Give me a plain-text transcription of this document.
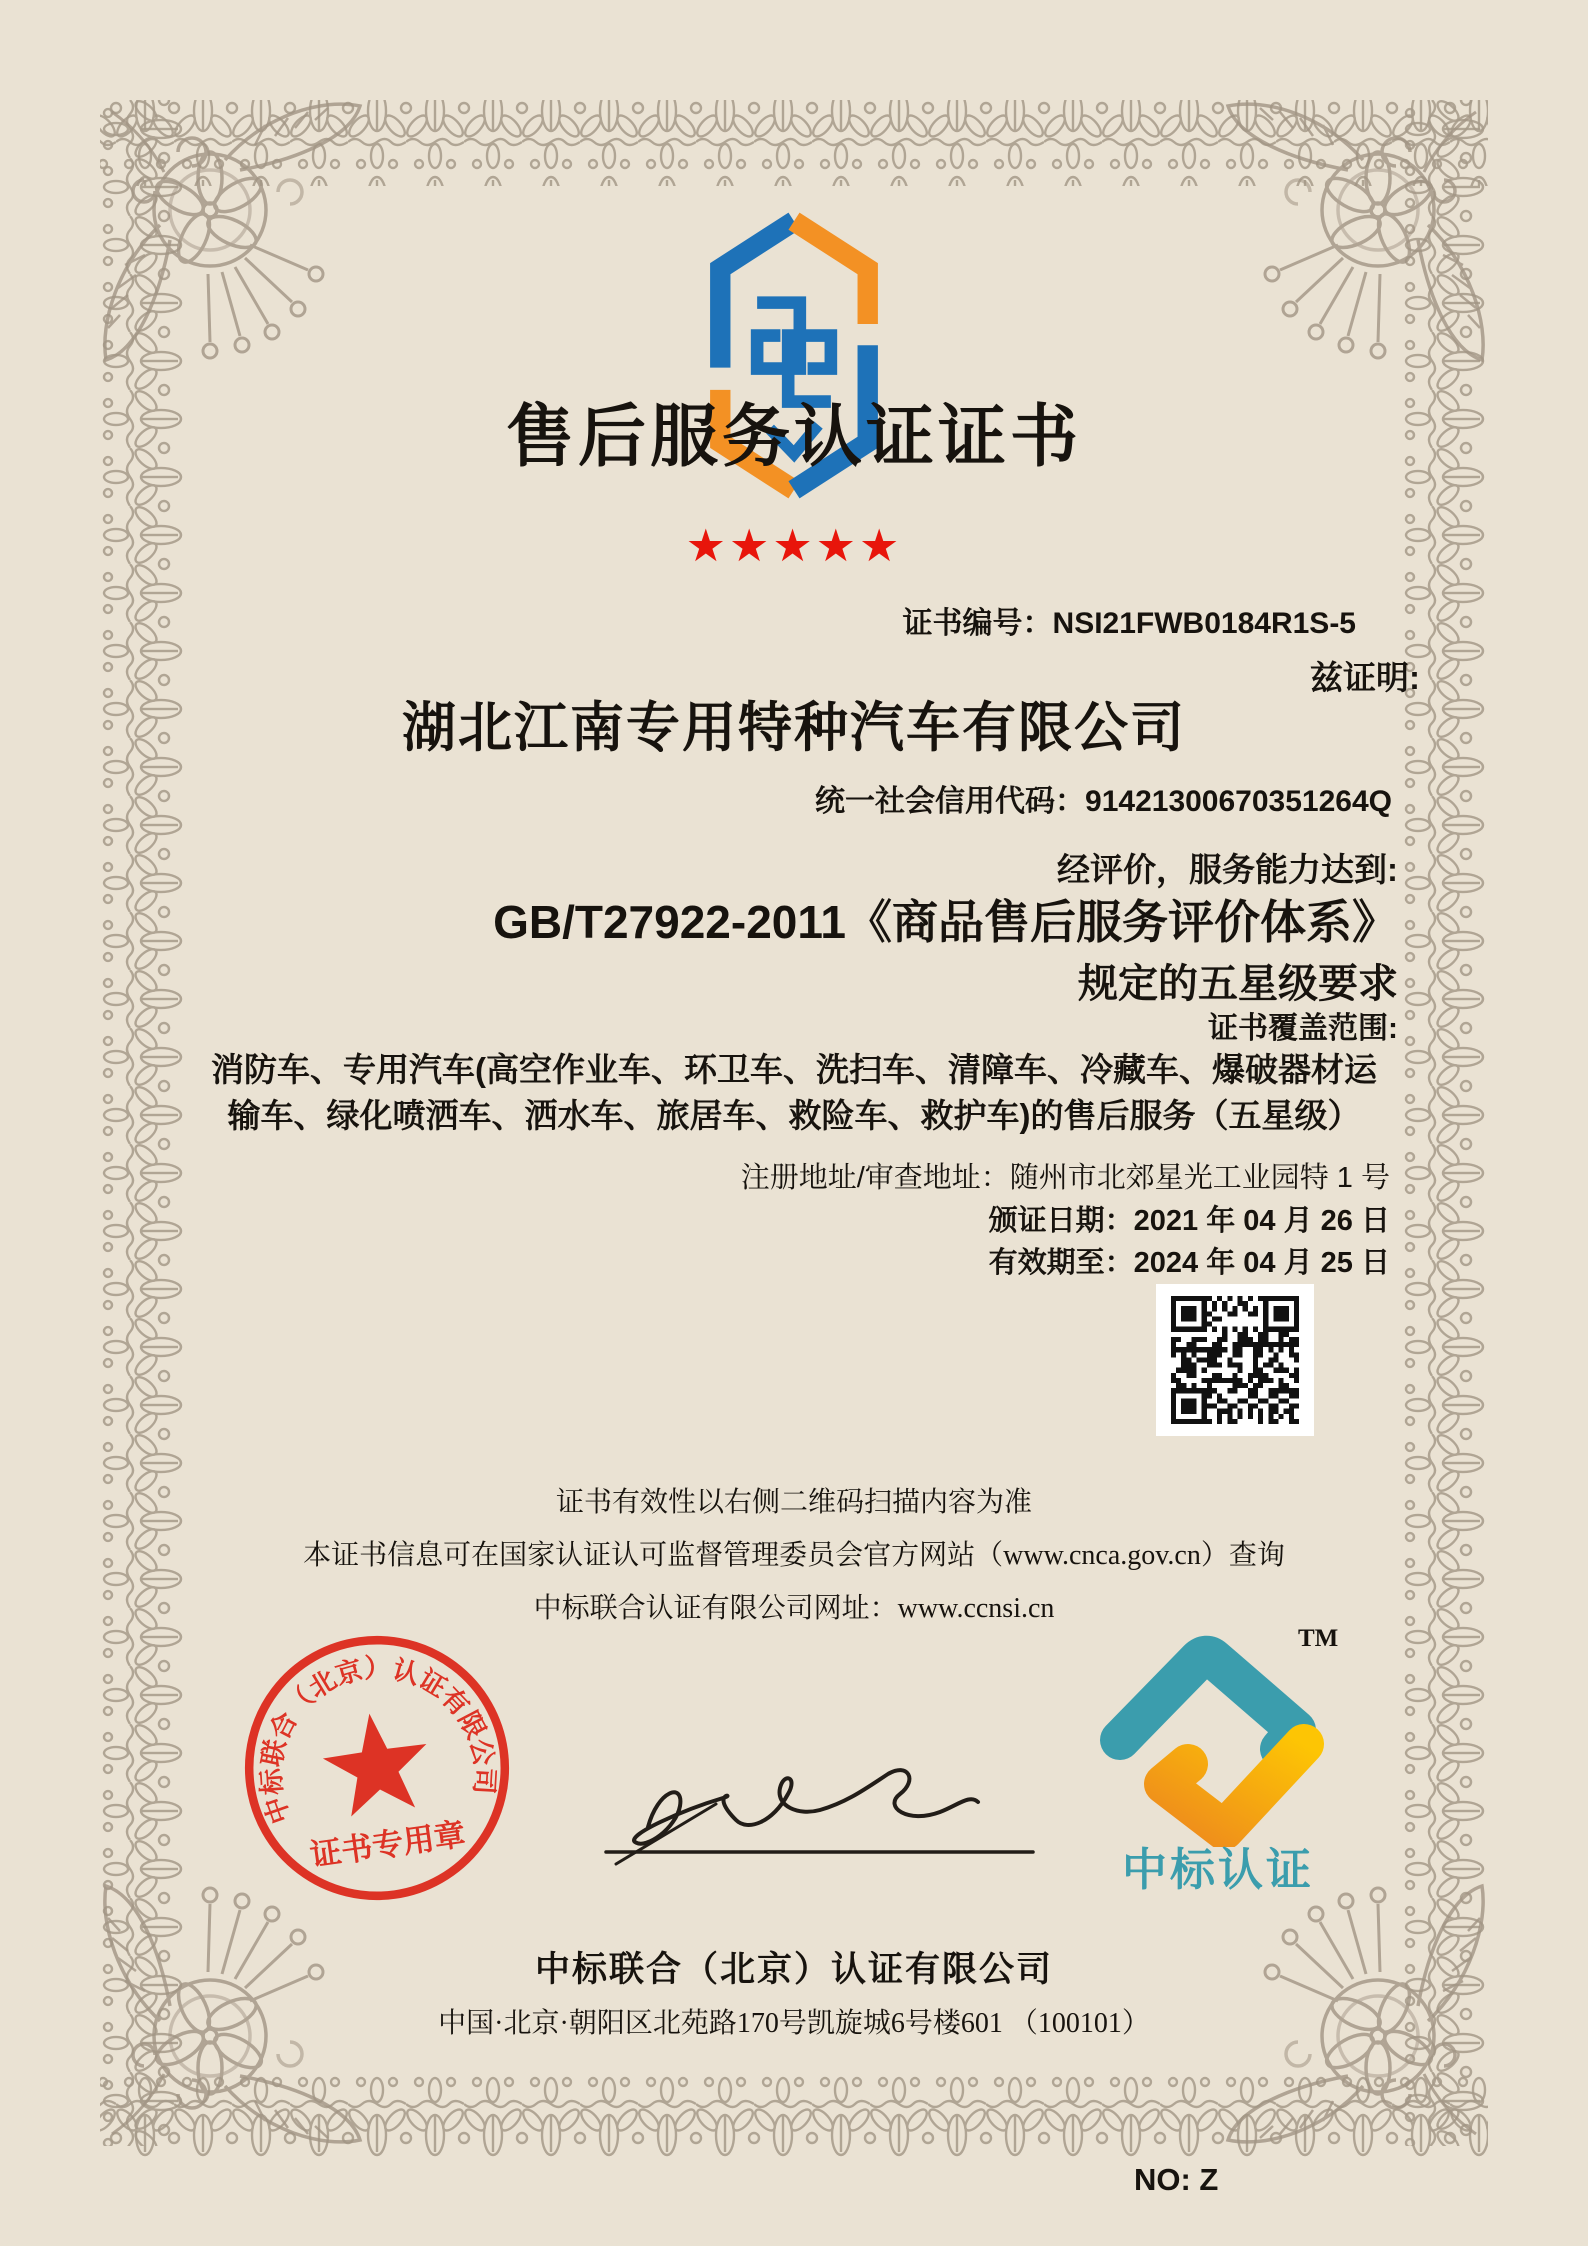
售后服务认证证书
★★★★★
证书编号：NSI21FWB0184R1S-5
兹证明:
湖北江南专用特种汽车有限公司
统一社会信用代码：91421300670351264Q
经评价，服务能力达到:
GB/T27922-2011《商品售后服务评价体系》
规定的五星级要求
证书覆盖范围:
消防车、专用汽车(高空作业车、环卫车、洗扫车、清障车、冷藏车、爆破器材运
输车、绿化喷洒车、洒水车、旅居车、救险车、救护车)的售后服务（五星级）
注册地址/审查地址：随州市北郊星光工业园特 1 号
颁证日期：2021 年 04 月 26 日
有效期至：2024 年 04 月 25 日
证书有效性以右侧二维码扫描内容为准
本证书信息可在国家认证认可监督管理委员会官方网站（www.cnca.gov.cn）查询
中标联合认证有限公司网址：www.ccnsi.cn
中标联合（北京）认证有限公司
证书专用章
TM
中标认证
中标联合（北京）认证有限公司
中国·北京·朝阳区北苑路170号凯旋城6号楼601 （100101）
NO: Z
